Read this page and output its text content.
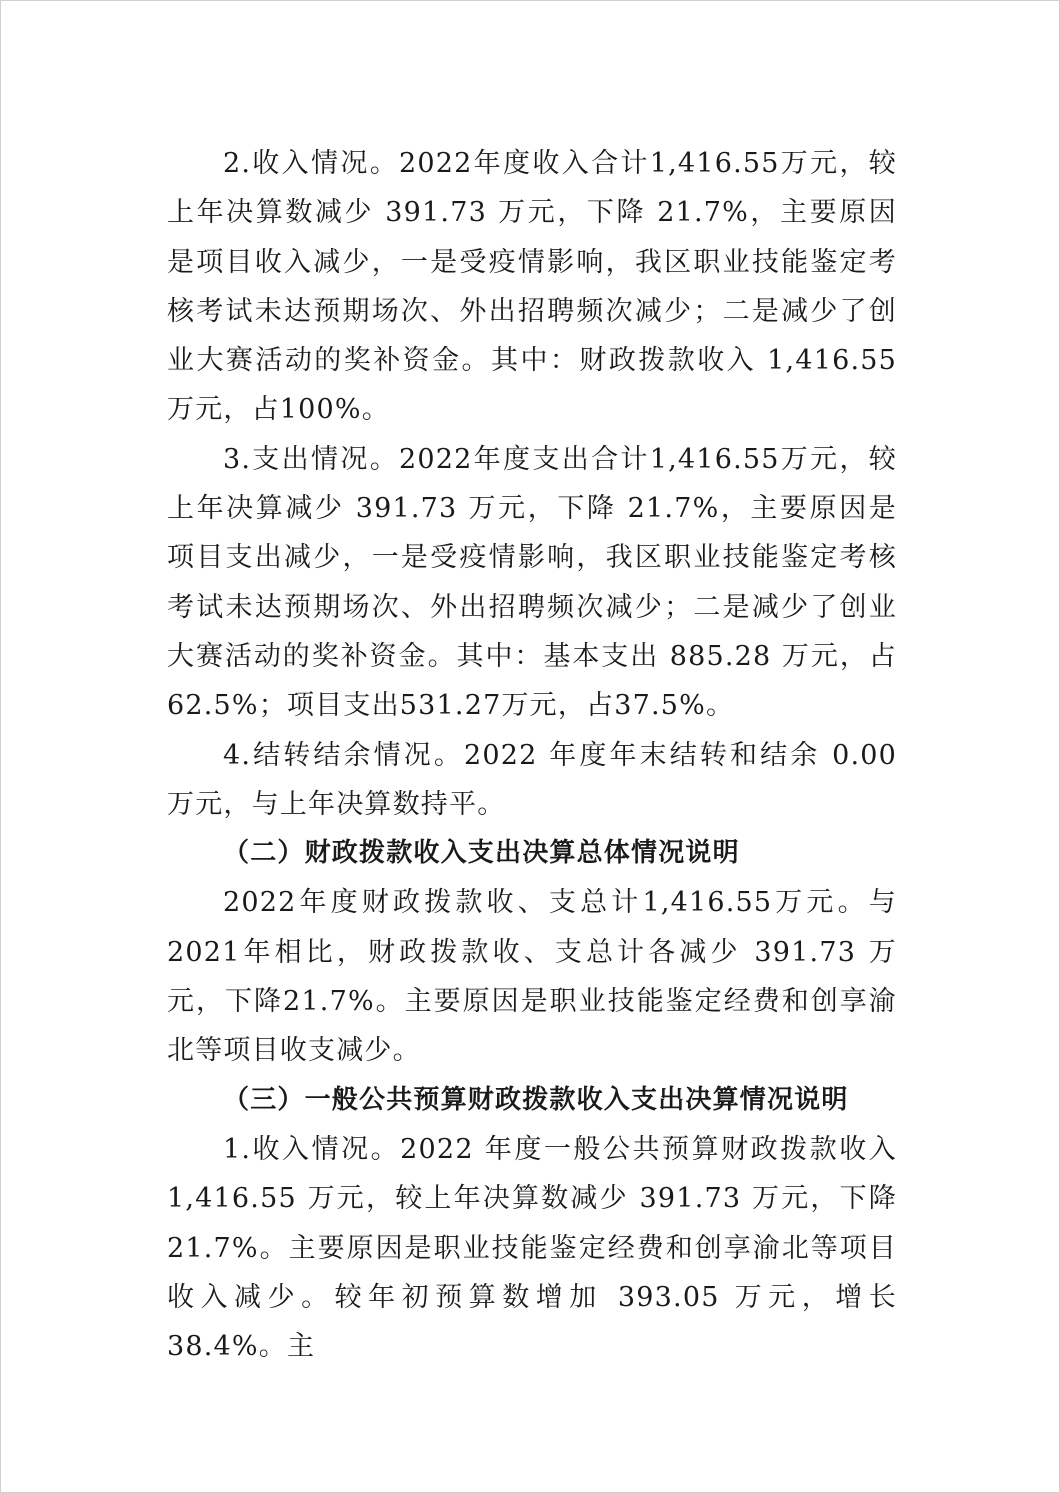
2.收入情况。2022年度收入合计1,416.55万元，较上年决算数减少 391.73 万元，下降 21.7%，主要原因是项目收入减少，一是受疫情影响，我区职业技能鉴定考核考试未达预期场次、外出招聘频次减少；二是减少了创业大赛活动的奖补资金。其中：财政拨款收入 1,416.55 万元，占100%。

3.支出情况。2022年度支出合计1,416.55万元，较上年决算减少 391.73 万元，下降 21.7%，主要原因是项目支出减少，一是受疫情影响，我区职业技能鉴定考核考试未达预期场次、外出招聘频次减少；二是减少了创业大赛活动的奖补资金。其中：基本支出 885.28 万元，占 62.5%；项目支出531.27万元，占37.5%。

4.结转结余情况。2022 年度年末结转和结余 0.00 万元，与上年决算数持平。

（二）财政拨款收入支出决算总体情况说明

2022年度财政拨款收、支总计1,416.55万元。与 2021年相比，财政拨款收、支总计各减少 391.73 万元，下降21.7%。主要原因是职业技能鉴定经费和创享渝北等项目收支减少。

（三）一般公共预算财政拨款收入支出决算情况说明

1.收入情况。2022 年度一般公共预算财政拨款收入1,416.55 万元，较上年决算数减少 391.73 万元，下降21.7%。主要原因是职业技能鉴定经费和创享渝北等项目收入减少。较年初预算数增加 393.05 万元，增长 38.4%。主
